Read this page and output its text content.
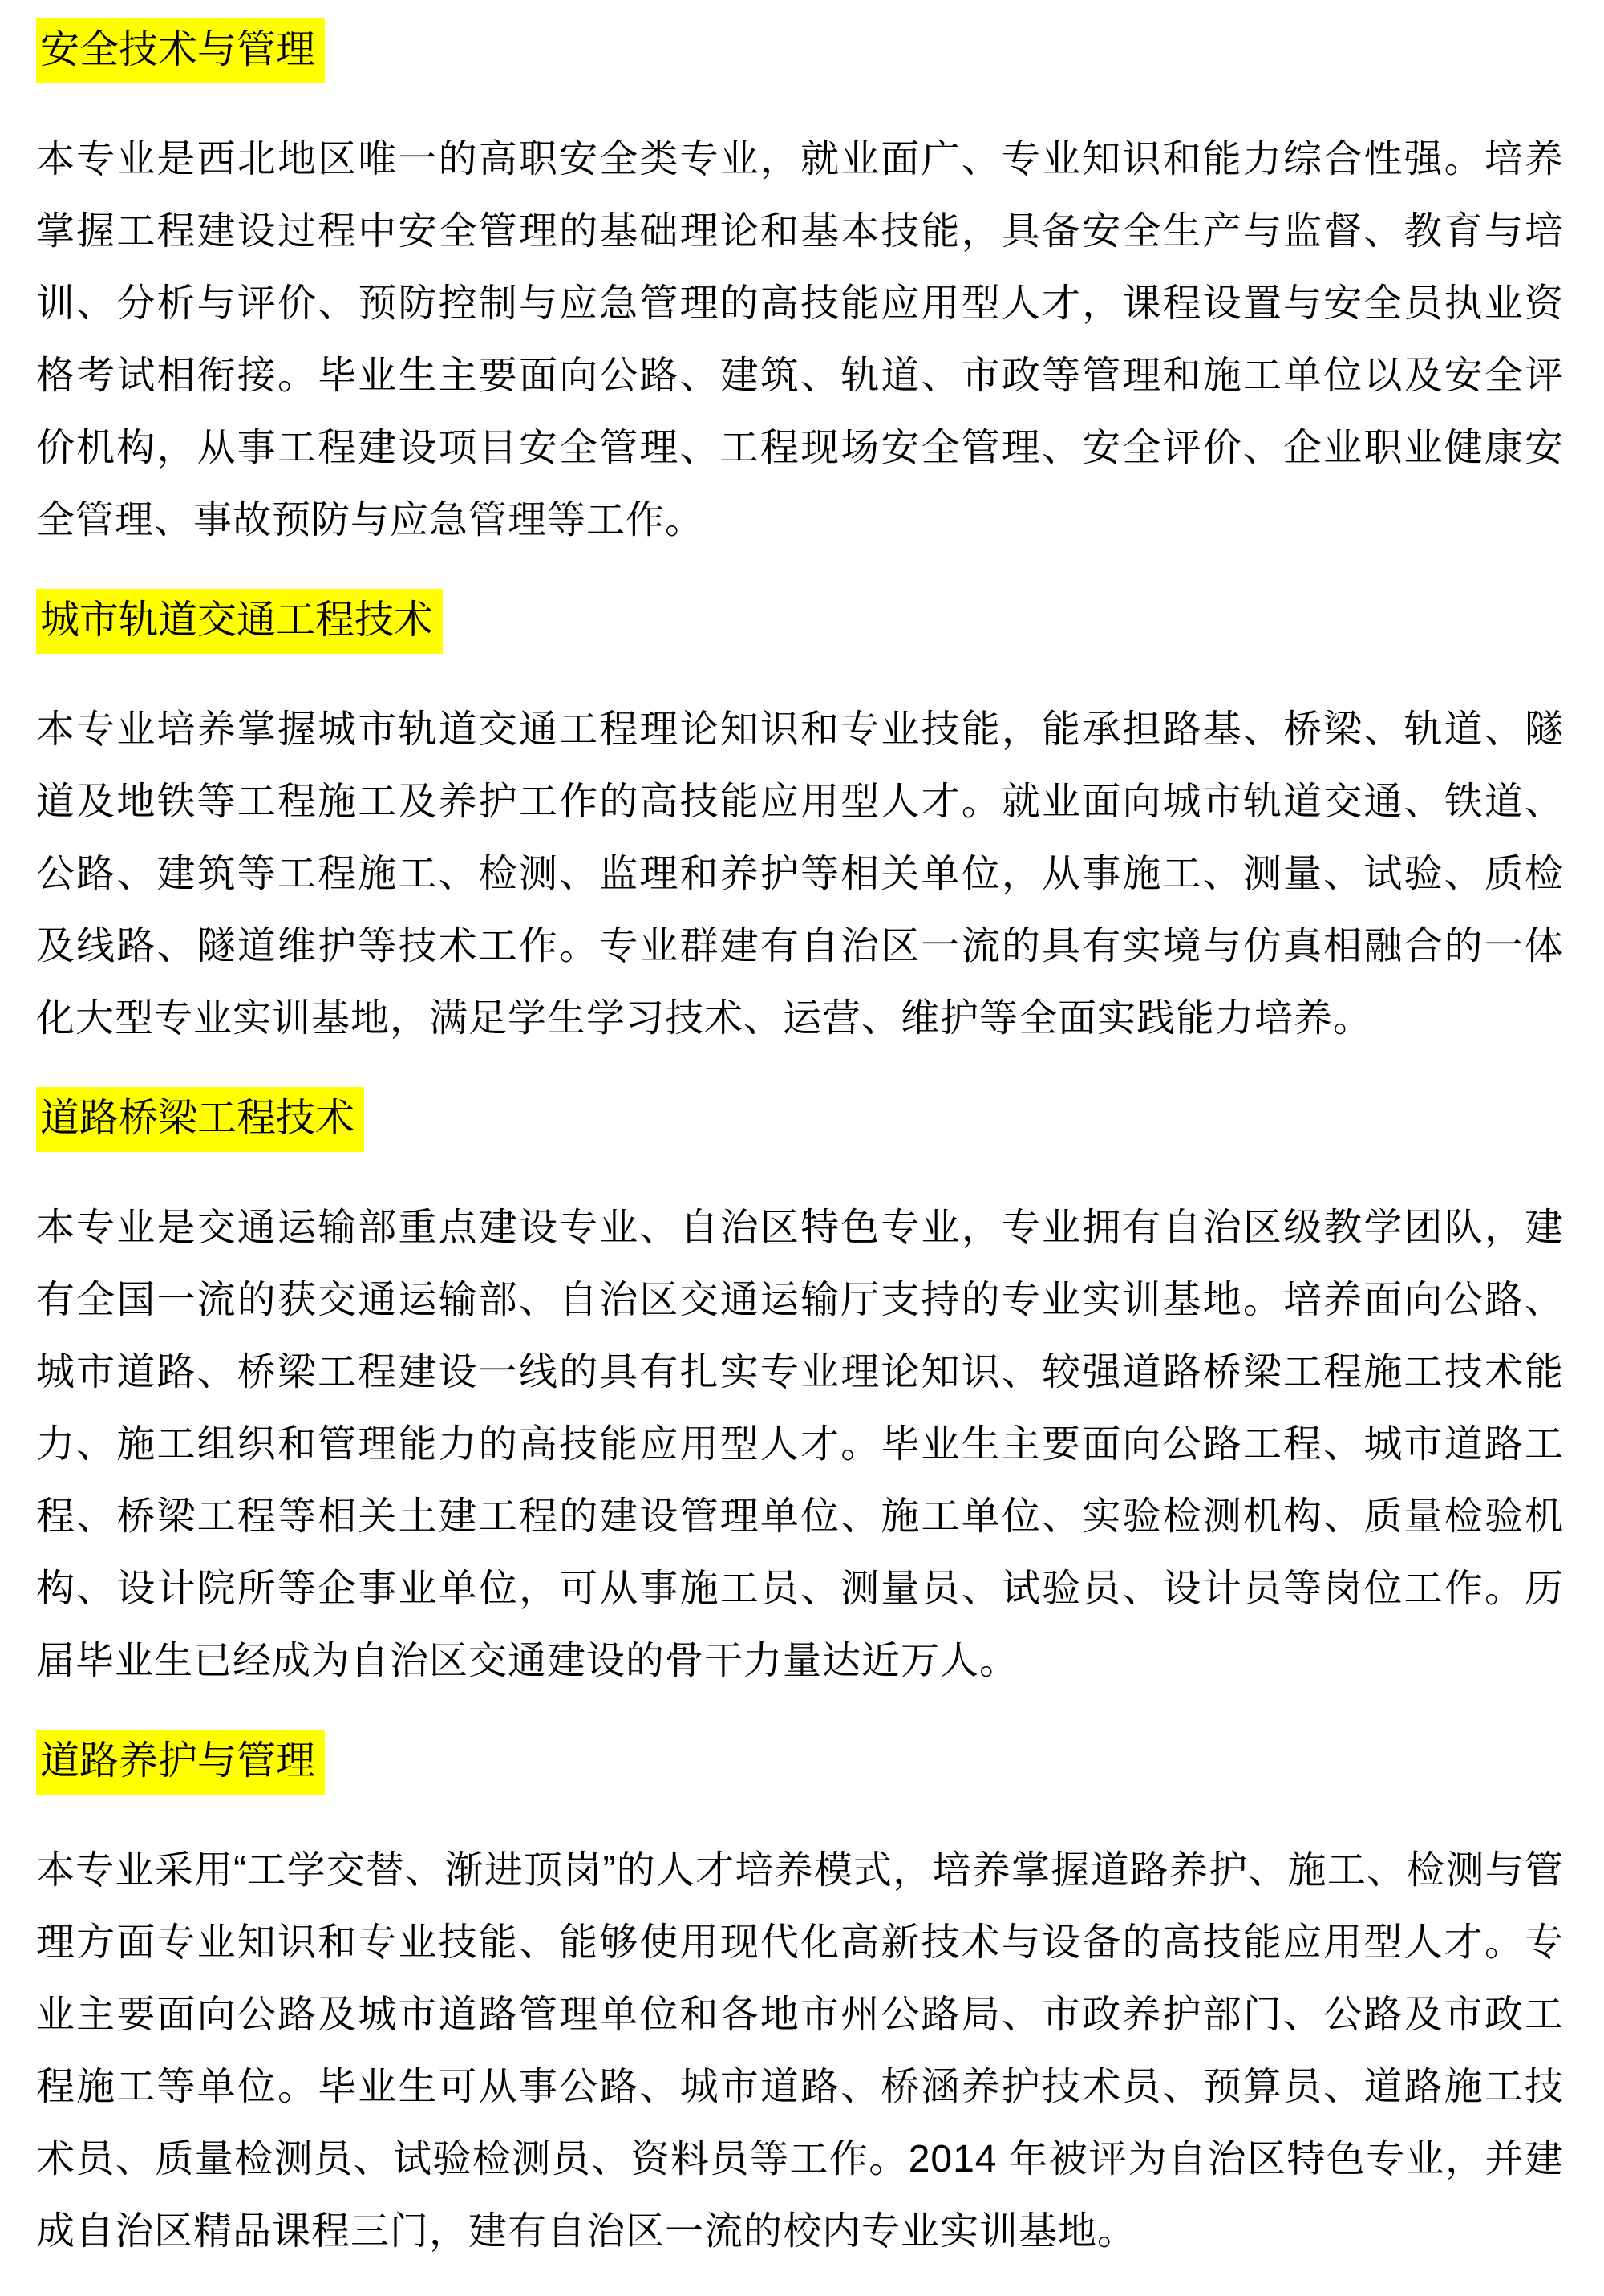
安全技术与管理

本专业是西北地区唯一的高职安全类专业，就业面广、专业知识和能力综合性强。培养掌握工程建设过程中安全管理的基础理论和基本技能，具备安全生产与监督、教育与培训、分析与评价、预防控制与应急管理的高技能应用型人才，课程设置与安全员执业资格考试相衔接。毕业生主要面向公路、建筑、轨道、市政等管理和施工单位以及安全评价机构，从事工程建设项目安全管理、工程现场安全管理、安全评价、企业职业健康安全管理、事故预防与应急管理等工作。

城市轨道交通工程技术

本专业培养掌握城市轨道交通工程理论知识和专业技能，能承担路基、桥梁、轨道、隧道及地铁等工程施工及养护工作的高技能应用型人才。就业面向城市轨道交通、铁道、公路、建筑等工程施工、检测、监理和养护等相关单位，从事施工、测量、试验、质检及线路、隧道维护等技术工作。专业群建有自治区一流的具有实境与仿真相融合的一体化大型专业实训基地，满足学生学习技术、运营、维护等全面实践能力培养。

道路桥梁工程技术

本专业是交通运输部重点建设专业、自治区特色专业，专业拥有自治区级教学团队，建有全国一流的获交通运输部、自治区交通运输厅支持的专业实训基地。培养面向公路、城市道路、桥梁工程建设一线的具有扎实专业理论知识、较强道路桥梁工程施工技术能力、施工组织和管理能力的高技能应用型人才。毕业生主要面向公路工程、城市道路工程、桥梁工程等相关土建工程的建设管理单位、施工单位、实验检测机构、质量检验机构、设计院所等企事业单位，可从事施工员、测量员、试验员、设计员等岗位工作。历届毕业生已经成为自治区交通建设的骨干力量达近万人。

道路养护与管理

本专业采用“工学交替、渐进顶岗”的人才培养模式，培养掌握道路养护、施工、检测与管理方面专业知识和专业技能、能够使用现代化高新技术与设备的高技能应用型人才。专业主要面向公路及城市道路管理单位和各地市州公路局、市政养护部门、公路及市政工程施工等单位。毕业生可从事公路、城市道路、桥涵养护技术员、预算员、道路施工技术员、质量检测员、试验检测员、资料员等工作。2014 年被评为自治区特色专业，并建成自治区精品课程三门，建有自治区一流的校内专业实训基地。
